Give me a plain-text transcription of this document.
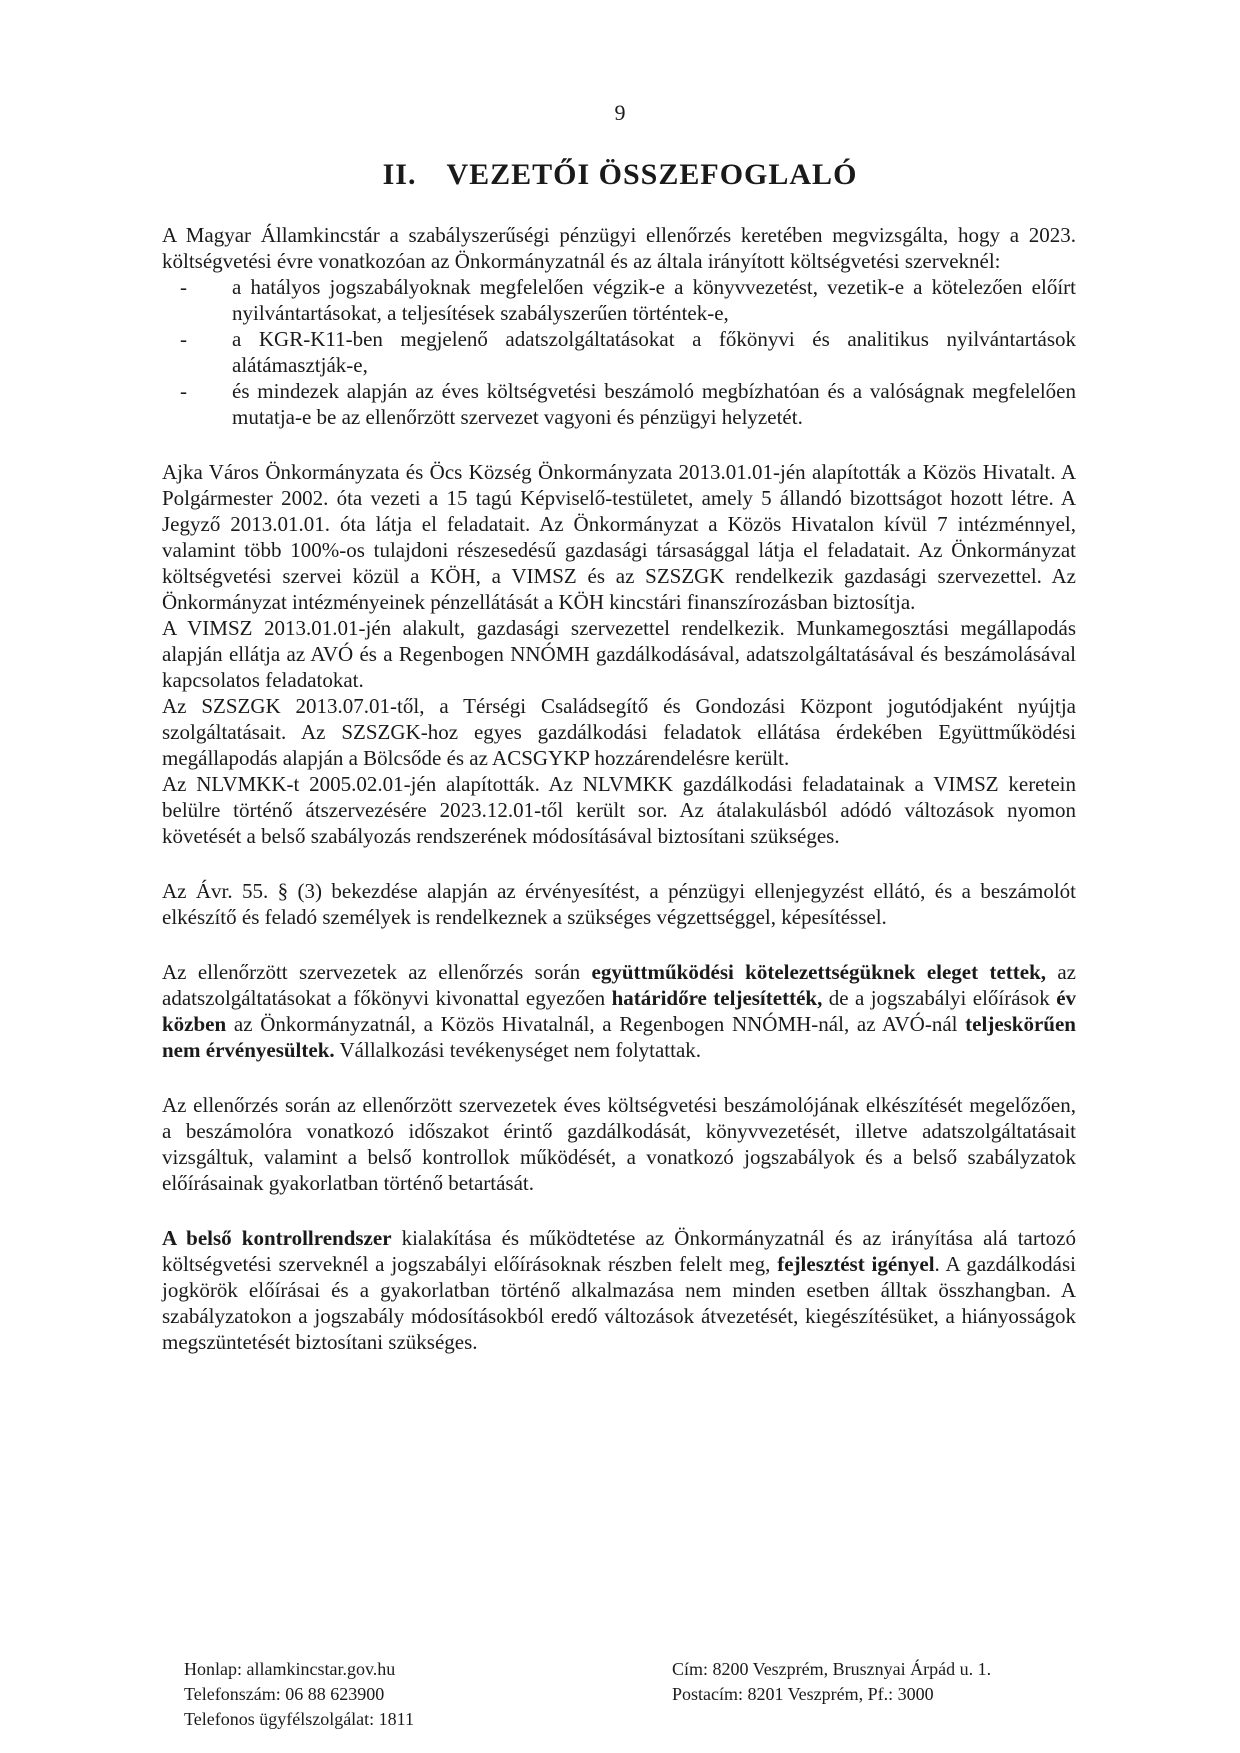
9
II. VEZETŐI ÖSSZEFOGLALÓ

A Magyar Államkincstár a szabályszerűségi pénzügyi ellenőrzés keretében megvizsgálta, hogy a 2023. költségvetési évre vonatkozóan az Önkormányzatnál és az általa irányított költségvetési szerveknél:

- a hatályos jogszabályoknak megfelelően végzik-e a könyvvezetést, vezetik-e a kötelezően előírt nyilvántartásokat, a teljesítések szabályszerűen történtek-e,
- a KGR-K11-ben megjelenő adatszolgáltatásokat a főkönyvi és analitikus nyilvántartások alátámasztják-e,
- és mindezek alapján az éves költségvetési beszámoló megbízhatóan és a valóságnak megfelelően mutatja-e be az ellenőrzött szervezet vagyoni és pénzügyi helyzetét.

Ajka Város Önkormányzata és Öcs Község Önkormányzata 2013.01.01-jén alapították a Közös Hivatalt. A Polgármester 2002. óta vezeti a 15 tagú Képviselő-testületet, amely 5 állandó bizottságot hozott létre. A Jegyző 2013.01.01. óta látja el feladatait. Az Önkormányzat a Közös Hivatalon kívül 7 intézménnyel, valamint több 100%-os tulajdoni részesedésű gazdasági társasággal látja el feladatait. Az Önkormányzat költségvetési szervei közül a KÖH, a VIMSZ és az SZSZGK rendelkezik gazdasági szervezettel. Az Önkormányzat intézményeinek pénzellátását a KÖH kincstári finanszírozásban biztosítja.

A VIMSZ 2013.01.01-jén alakult, gazdasági szervezettel rendelkezik. Munkamegosztási megállapodás alapján ellátja az AVÓ és a Regenbogen NNÓMH gazdálkodásával, adatszolgáltatásával és beszámolásával kapcsolatos feladatokat.

Az SZSZGK 2013.07.01-től, a Térségi Családsegítő és Gondozási Központ jogutódjaként nyújtja szolgáltatásait. Az SZSZGK-hoz egyes gazdálkodási feladatok ellátása érdekében Együttműködési megállapodás alapján a Bölcsőde és az ACSGYKP hozzárendelésre került.

Az NLVMKK-t 2005.02.01-jén alapították. Az NLVMKK gazdálkodási feladatainak a VIMSZ keretein belülre történő átszervezésére 2023.12.01-től került sor. Az átalakulásból adódó változások nyomon követését a belső szabályozás rendszerének módosításával biztosítani szükséges.

Az Ávr. 55. § (3) bekezdése alapján az érvényesítést, a pénzügyi ellenjegyzést ellátó, és a beszámolót elkészítő és feladó személyek is rendelkeznek a szükséges végzettséggel, képesítéssel.

Az ellenőrzött szervezetek az ellenőrzés során együttműködési kötelezettségüknek eleget tettek, az adatszolgáltatásokat a főkönyvi kivonattal egyezően határidőre teljesítették, de a jogszabályi előírások év közben az Önkormányzatnál, a Közös Hivatalnál, a Regenbogen NNÓMH-nál, az AVÓ-nál teljeskörűen nem érvényesültek. Vállalkozási tevékenységet nem folytattak.

Az ellenőrzés során az ellenőrzött szervezetek éves költségvetési beszámolójának elkészítését megelőzően, a beszámolóra vonatkozó időszakot érintő gazdálkodását, könyvvezetését, illetve adatszolgáltatásait vizsgáltuk, valamint a belső kontrollok működését, a vonatkozó jogszabályok és a belső szabályzatok előírásainak gyakorlatban történő betartását.

A belső kontrollrendszer kialakítása és működtetése az Önkormányzatnál és az irányítása alá tartozó költségvetési szerveknél a jogszabályi előírásoknak részben felelt meg, fejlesztést igényel. A gazdálkodási jogkörök előírásai és a gyakorlatban történő alkalmazása nem minden esetben álltak összhangban. A szabályzatokon a jogszabály módosításokból eredő változások átvezetését, kiegészítésüket, a hiányosságok megszüntetését biztosítani szükséges.

Honlap: allamkincstar.gov.hu
Telefonszám: 06 88 623900
Telefonos ügyfélszolgálat: 1811
Cím: 8200 Veszprém, Brusznyai Árpád u. 1.
Postacím: 8201 Veszprém, Pf.: 3000
